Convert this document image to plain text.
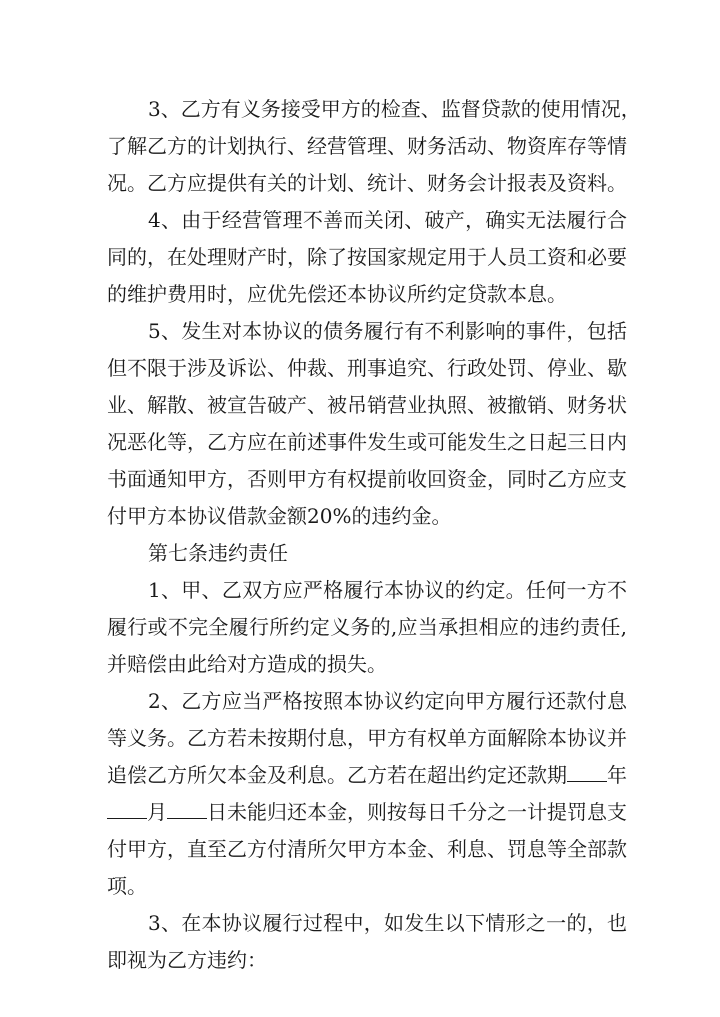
3、乙方有义务接受甲方的检查、监督贷款的使用情况，
了解乙方的计划执行、经营管理、财务活动、物资库存等情
况。乙方应提供有关的计划、统计、财务会计报表及资料。
4、由于经营管理不善而关闭、破产，确实无法履行合
同的，在处理财产时，除了按国家规定用于人员工资和必要
的维护费用时，应优先偿还本协议所约定贷款本息。
5、发生对本协议的债务履行有不利影响的事件，包括
但不限于涉及诉讼、仲裁、刑事追究、行政处罚、停业、歇
业、解散、被宣告破产、被吊销营业执照、被撤销、财务状
况恶化等，乙方应在前述事件发生或可能发生之日起三日内
书面通知甲方，否则甲方有权提前收回资金，同时乙方应支
付甲方本协议借款金额20%的违约金。
第七条违约责任
1、甲、乙双方应严格履行本协议的约定。任何一方不
履行或不完全履行所约定义务的,应当承担相应的违约责任,
并赔偿由此给对方造成的损失。
2、乙方应当严格按照本协议约定向甲方履行还款付息
等义务。乙方若未按期付息，甲方有权单方面解除本协议并
追偿乙方所欠本金及利息。乙方若在超出约定还款期 年
月 日未能归还本金，则按每日千分之一计提罚息支
付甲方，直至乙方付清所欠甲方本金、利息、罚息等全部款
项。
3、在本协议履行过程中，如发生以下情形之一的，也
即视为乙方违约：
